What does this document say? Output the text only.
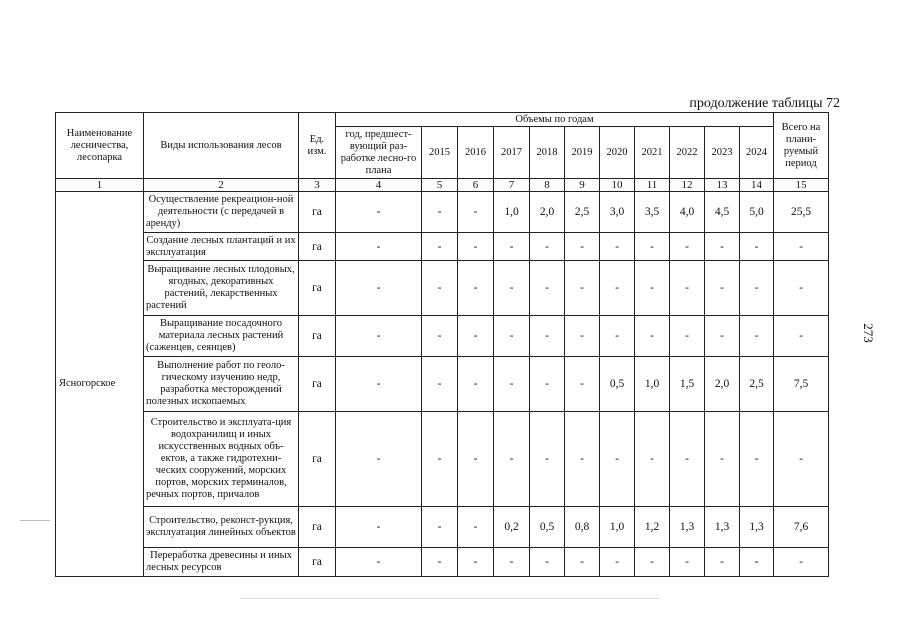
продолжение таблицы 72
273
Наименование лесничества, лесопарка	Виды использования лесов	Ед. изм.	Объемы по годам											Всего на плани-руемый период
			год, предшест-вующий раз-работке лесно-го плана	2015	2016	2017	2018	2019	2020	2021	2022	2023	2024	
1	2	3	4	5	6	7	8	9	10	11	12	13	14	15
Ясногорское	Осуществление рекреацион-ной деятельности (с передачей в аренду)	га	-	-	-	1,0	2,0	2,5	3,0	3,5	4,0	4,5	5,0	25,5
	Создание лесных плантаций и их эксплуатация	га	-	-	-	-	-	-	-	-	-	-	-	-
	Выращивание лесных плодовых, ягодных, декоративных растений, лекарственных растений	га	-	-	-	-	-	-	-	-	-	-	-	-
	Выращивание посадочного материала лесных растений (саженцев, сеянцев)	га	-	-	-	-	-	-	-	-	-	-	-	-
	Выполнение работ по геоло-гическому изучению недр, разработка месторождений полезных ископаемых	га	-	-	-	-	-	-	0,5	1,0	1,5	2,0	2,5	7,5
	Строительство и эксплуата-ция водохранилищ и иных искусственных водных объ-ектов, а также гидротехни-ческих сооружений, морских портов, морских терминалов, речных портов, причалов	га	-	-	-	-	-	-	-	-	-	-	-	-
	Строительство, реконст-рукция, эксплуатация линейных объектов	га	-	-	-	0,2	0,5	0,8	1,0	1,2	1,3	1,3	1,3	7,6
	Переработка древесины и иных лесных ресурсов	га	-	-	-	-	-	-	-	-	-	-	-	-
